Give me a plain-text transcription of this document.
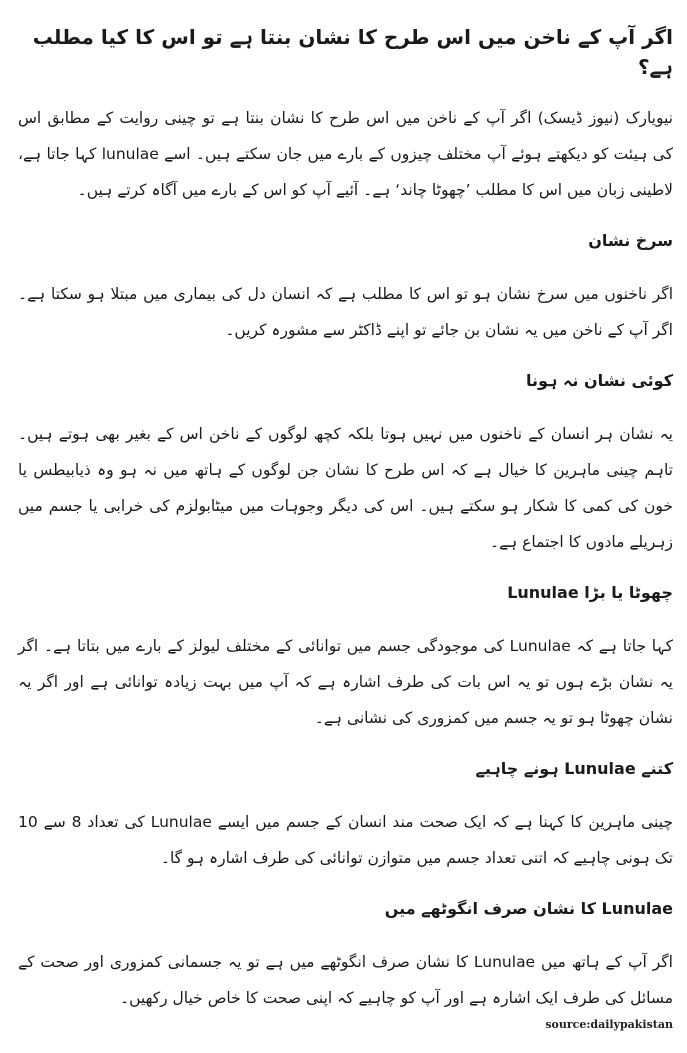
اگر آپ کے ناخن میں اس طرح کا نشان بنتا ہے تو اس کا کیا مطلب ہے؟

نیویارک (نیوز ڈیسک) اگر آپ کے ناخن میں اس طرح کا نشان بنتا ہے تو چینی روایت کے مطابق اس کی ہیئت کو دیکھتے ہوئے آپ مختلف چیزوں کے بارے میں جان سکتے ہیں۔ اسے lunulae کہا جاتا ہے، لاطینی زبان میں اس کا مطلب ’چھوٹا چاند‘ ہے۔ آئیے آپ کو اس کے بارے میں آگاہ کرتے ہیں۔

سرخ نشان

اگر ناخنوں میں سرخ نشان ہو تو اس کا مطلب ہے کہ انسان دل کی بیماری میں مبتلا ہو سکتا ہے۔ اگر آپ کے ناخن میں یہ نشان بن جائے تو اپنے ڈاکٹر سے مشورہ کریں۔

کوئی نشان نہ ہونا

یہ نشان ہر انسان کے ناخنوں میں نہیں ہوتا بلکہ کچھ لوگوں کے ناخن اس کے بغیر بھی ہوتے ہیں۔ تاہم چینی ماہرین کا خیال ہے کہ اس طرح کا نشان جن لوگوں کے ہاتھ میں نہ ہو وہ ذیابیطس یا خون کی کمی کا شکار ہو سکتے ہیں۔ اس کی دیگر وجوہات میں میٹابولزم کی خرابی یا جسم میں زہریلے مادوں کا اجتماع ہے۔

چھوٹا یا بڑا Lunulae

کہا جاتا ہے کہ Lunulae کی موجودگی جسم میں توانائی کے مختلف لیولز کے بارے میں بتاتا ہے۔ اگر یہ نشان بڑے ہوں تو یہ اس بات کی طرف اشارہ ہے کہ آپ میں بہت زیادہ توانائی ہے اور اگر یہ نشان چھوٹا ہو تو یہ جسم میں کمزوری کی نشانی ہے۔

کتنے Lunulae ہونے چاہیے

چینی ماہرین کا کہنا ہے کہ ایک صحت مند انسان کے جسم میں ایسے Lunulae کی تعداد 8 سے 10 تک ہونی چاہیے کہ اتنی تعداد جسم میں متوازن توانائی کی طرف اشارہ ہو گا۔

Lunulae کا نشان صرف انگوٹھے میں

اگر آپ کے ہاتھ میں Lunulae کا نشان صرف انگوٹھے میں ہے تو یہ جسمانی کمزوری اور صحت کے مسائل کی طرف ایک اشارہ ہے اور آپ کو چاہیے کہ اپنی صحت کا خاص خیال رکھیں۔

source:dailypakistan
